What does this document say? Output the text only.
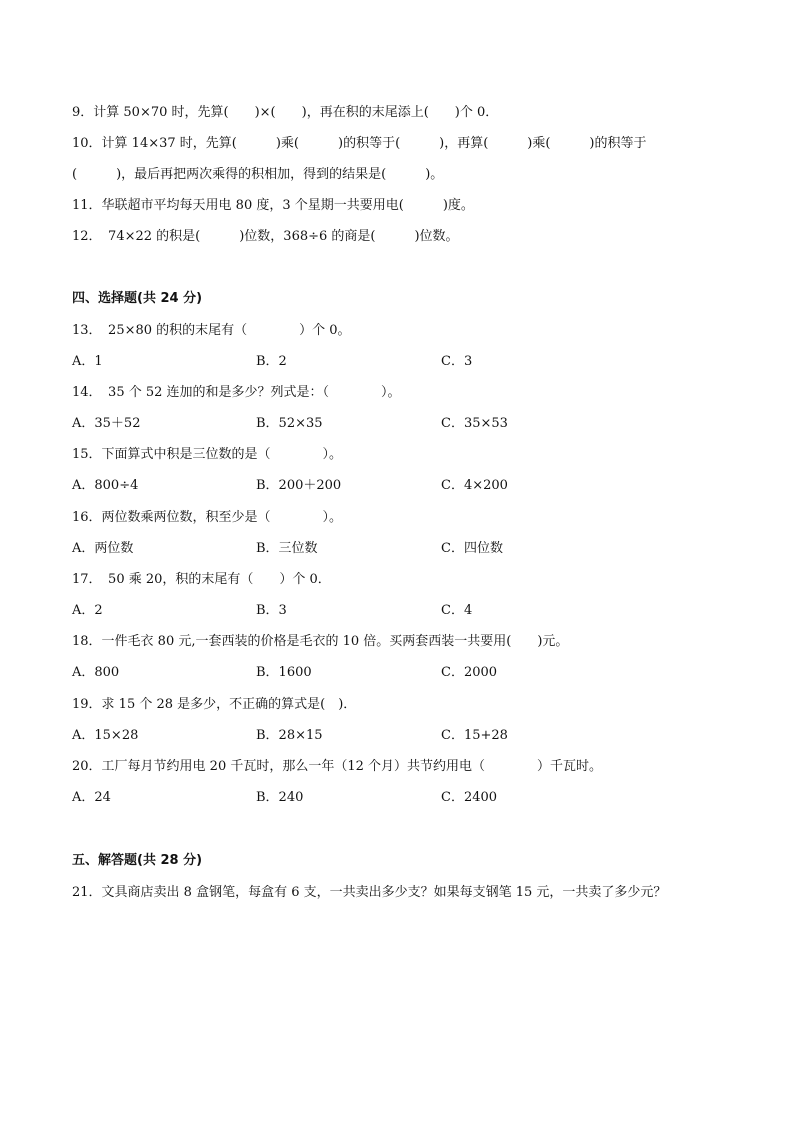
9．计算 50×70 时，先算(　　)×(　　)，再在积的末尾添上(　　)个 0．
10．计算 14×37 时，先算(　　　)乘(　　　)的积等于(　　　)，再算(　　　)乘(　　　)的积等于
(　　　)，最后再把两次乘得的积相加，得到的结果是(　　　)。
11．华联超市平均每天用电 80 度，3 个星期一共要用电(　　　)度。
12．　74×22 的积是(　　　)位数，368÷6 的商是(　　　)位数。
四、选择题(共 24 分)
13．　25×80 的积的末尾有（　　　　）个 0。
A．1	B．2	C．3
14．　35 个 52 连加的和是多少？列式是：（　　　　）。
A．35＋52	B．52×35	C．35×53
15．下面算式中积是三位数的是（　　　　）。
A．800÷4	B．200＋200	C．4×200
16．两位数乘两位数，积至少是（　　　　）。
A．两位数	B．三位数	C．四位数
17．　50 乘 20，积的末尾有（　　）个 0．
A．2	B．3	C．4
18．一件毛衣 80 元,一套西装的价格是毛衣的 10 倍。买两套西装一共要用(　　)元。
A．800	B．1600	C．2000
19．求 15 个 28 是多少，不正确的算式是(　)．
A．15×28	B．28×15	C．15+28
20．工厂每月节约用电 20 千瓦时，那么一年（12 个月）共节约用电（　　　　）千瓦时。
A．24	B．240	C．2400
五、解答题(共 28 分)
21．文具商店卖出 8 盒钢笔，每盒有 6 支，一共卖出多少支？如果每支钢笔 15 元，一共卖了多少元？
